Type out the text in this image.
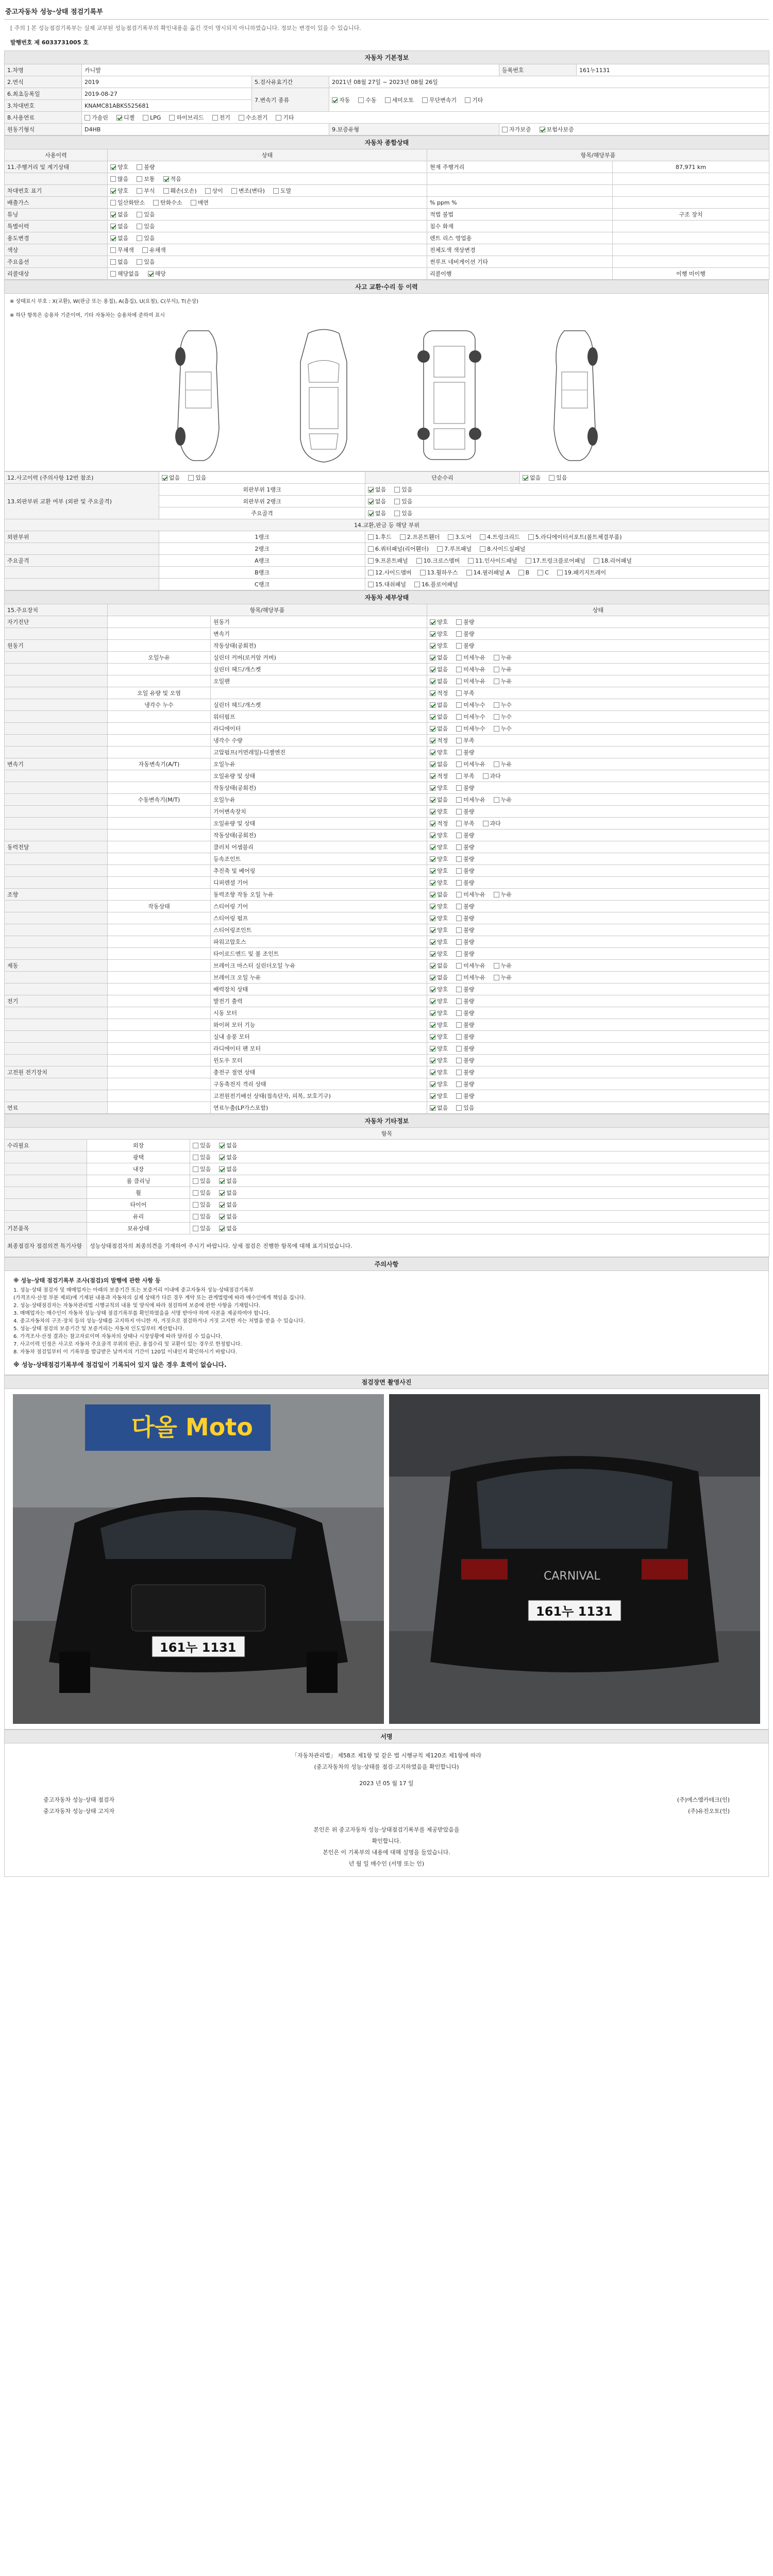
중고자동차 성능·상태 점검기록부
[ 주의 ] 본 성능점검기록부는 실제 교부된 성능점검기록부의 확인내용을 옮긴 것이 명시되지 아니하였습니다. 정보는 변경이 있을 수 있습니다.
발행번호 제 6033731005 호
자동차 기본정보					
1.차명	카니발			등록번호	161누1131
2.연식	2019	5.검사유효기간	2021년 08월 27일 ~ 2023년 08월 26일		
6.최초등록일	2019-08-27	7.변속기 종류	자동 수동 세미오토 무단변속기 기타		
3.차대번호	KNAMC81ABKS525681				
8.사용연료	가솔린 디젤 LPG 하이브리드 전기 수소전기 기타				
원동기형식	D4HB		9.보증유형	자가보증 보험사보증	
자동차 종합상태			
사용이력	상태	항목/해당부품	
11.주행거리 및 계기상태	양호 불량	현재 주행거리	87,971 km
	많음 보통 적음		
차대번호 표기	양호 부식 훼손(오손) 상이 변조(변타) 도말		
배출가스	일산화탄소 탄화수소 매연	% ppm %	
튜닝	없음 있음	적법 불법	구조 장치
특별이력	없음 있음	침수 화재	
용도변경	없음 있음	렌트 리스 영업용	
색상	무채색 유채색	전체도색 색상변경	
주요옵션	없음 있음	썬루프 네비게이션 기타	
리콜대상	해당없음 해당	리콜이행	이행 미이행
사고 교환·수리 등 이력

※ 상태표시 부호 : X(교환), W(판금 또는 용접), A(흠집), U(요철), C(부식), T(손상)
※ 하단 항목은 승용차 기준이며, 기타 자동차는 승용차에 준하여 표시

12.사고이력 (주의사항 12번 참조)	없음 있음	단순수리	없음 있음
13.외판부위 교환 여부 (외판 및 주요골격)	외판부위 1랭크	없음 있음	
	외판부위 2랭크	없음 있음	
	주요골격	없음 있음	
14.교환,판금 등 해당 부위			
외판부위	1랭크	1.후드 2.프론트휀더 3.도어 4.트렁크리드 5.라디에이터서포트(볼트체결부품)	
	2랭크	6.쿼터패널(리어휀더) 7.루프패널 8.사이드실패널	
주요골격	A랭크	9.프론트패널 10.크로스멤버 11.인사이드패널 17.트렁크플로어패널 18.리어패널	
	B랭크	12.사이드멤버 13.휠하우스 14.필러패널 A B C 19.패키지트레이	
	C랭크	15.대쉬패널 16.플로어패널	
자동차 세부상태			
15.주요장치	항목/해당부품		상태
자기진단		원동기	양호 불량
		변속기	양호 불량
원동기		작동상태(공회전)	양호 불량
	오일누유	실린더 커버(로커암 커버)	없음 미세누유 누유
		실린더 헤드/개스켓	없음 미세누유 누유
		오일팬	없음 미세누유 누유
	오일 유량 및 오염		적정 부족
	냉각수 누수	실린더 헤드/개스켓	없음 미세누수 누수
		워터펌프	없음 미세누수 누수
		라디에이터	없음 미세누수 누수
		냉각수 수량	적정 부족
		고압펌프(커먼레일)-디젤엔진	양호 불량
변속기	자동변속기(A/T)	오일누유	없음 미세누유 누유
		오일유량 및 상태	적정 부족 과다
		작동상태(공회전)	양호 불량
	수동변속기(M/T)	오일누유	없음 미세누유 누유
		기어변속장치	양호 불량
		오일유량 및 상태	적정 부족 과다
		작동상태(공회전)	양호 불량
동력전달		클러치 어셈블리	양호 불량
		등속조인트	양호 불량
		추진축 및 베어링	양호 불량
		디퍼렌셜 기어	양호 불량
조향		동력조향 작동 오일 누유	없음 미세누유 누유
	작동상태	스티어링 기어	양호 불량
		스티어링 펌프	양호 불량
		스티어링조인트	양호 불량
		파워고압호스	양호 불량
		타이로드엔드 및 볼 조인트	양호 불량
제동		브레이크 마스터 실린더오일 누유	없음 미세누유 누유
		브레이크 오일 누유	없음 미세누유 누유
		배력장치 상태	양호 불량
전기		발전기 출력	양호 불량
		시동 모터	양호 불량
		와이퍼 모터 기능	양호 불량
		실내 송풍 모터	양호 불량
		라디에이터 팬 모터	양호 불량
		윈도우 모터	양호 불량
고전원 전기장치		충전구 절연 상태	양호 불량
		구동축전지 격리 상태	양호 불량
		고전원전기배선 상태(접속단자, 피복, 보호기구)	양호 불량
연료		연료누출(LP가스포함)	없음 있음
자동차 기타정보		
항목		
수리필요	외장	있음 없음
	광택	있음 없음
	내장	있음 없음
	룸 클리닝	있음 없음
	휠	있음 없음
	타이어	있음 없음
	유리	있음 없음
기본품목	보유상태	있음 없음
최종점검자 점검의견 특기사항	성능상태점검자의 최종의견을 기재하여 주시기 바랍니다. 상세 점검은 진행한 항목에 대해 표기되었습니다.	
주의사항

※ 성능·상태 점검기록부 조사(점검)의 발행에 관한 사항 등
1. 성능·상태 점검자 및 매매업자는 아래의 보증기간 또는 보증거리 이내에 중고자동차 성능·상태점검기록부
(가격조사·산정 부분 제외)에 기재된 내용과 자동차의 실제 상태가 다른 경우 계약 또는 관계법령에 따라 매수인에게 책임을 집니다.
2. 성능·상태점검자는 자동차관리법 시행규칙의 내용 및 양식에 따라 점검하며 보증에 관한 사항을 기재합니다.
3. 매매업자는 매수인이 자동차 성능·상태 점검기록부를 확인하였음을 서명 받아야 하며 사본을 제공하여야 합니다.
4. 중고자동차의 구조·장치 등의 성능·상태를 고지하지 아니한 자, 거짓으로 점검하거나 거짓 고지한 자는 처벌을 받을 수 있습니다.
5. 성능·상태 점검의 보증기간 및 보증거리는 자동차 인도일부터 계산합니다.
6. 가격조사·산정 결과는 참고자료이며 자동차의 상태나 시장상황에 따라 달라질 수 있습니다.
7. 사고이력 인정은 사고로 자동차 주요골격 부위의 판금, 용접수리 및 교환이 있는 경우로 한정합니다.
8. 자동차 점검일부터 이 기록부를 발급받은 날까지의 기간이 120일 이내인지 확인하시기 바랍니다.
※ 성능·상태점검기록부에 점검일이 기록되어 있지 않은 경우 효력이 없습니다.
점검장면 촬영사진

다올 Moto
161누 1131
CARNIVAL
161누 1131
서명

「자동차관리법」 제58조 제1항 및 같은 법 시행규칙 제120조 제1항에 따라
(중고자동차의 성능·상태를 점검·고지하였음을 확인합니다)
2023 년 05 월 17 일
중고자동차 성능·상태 점검자	(주)에스엠카테크(인)
중고자동차 성능·상태 고지자	(주)유진오토(인)
본인은 위 중고자동차 성능·상태점검기록부를 제공받았음을
확인합니다.
본인은 이 기록부의 내용에 대해 설명을 들었습니다.
년 월 일 매수인 (서명 또는 인)
